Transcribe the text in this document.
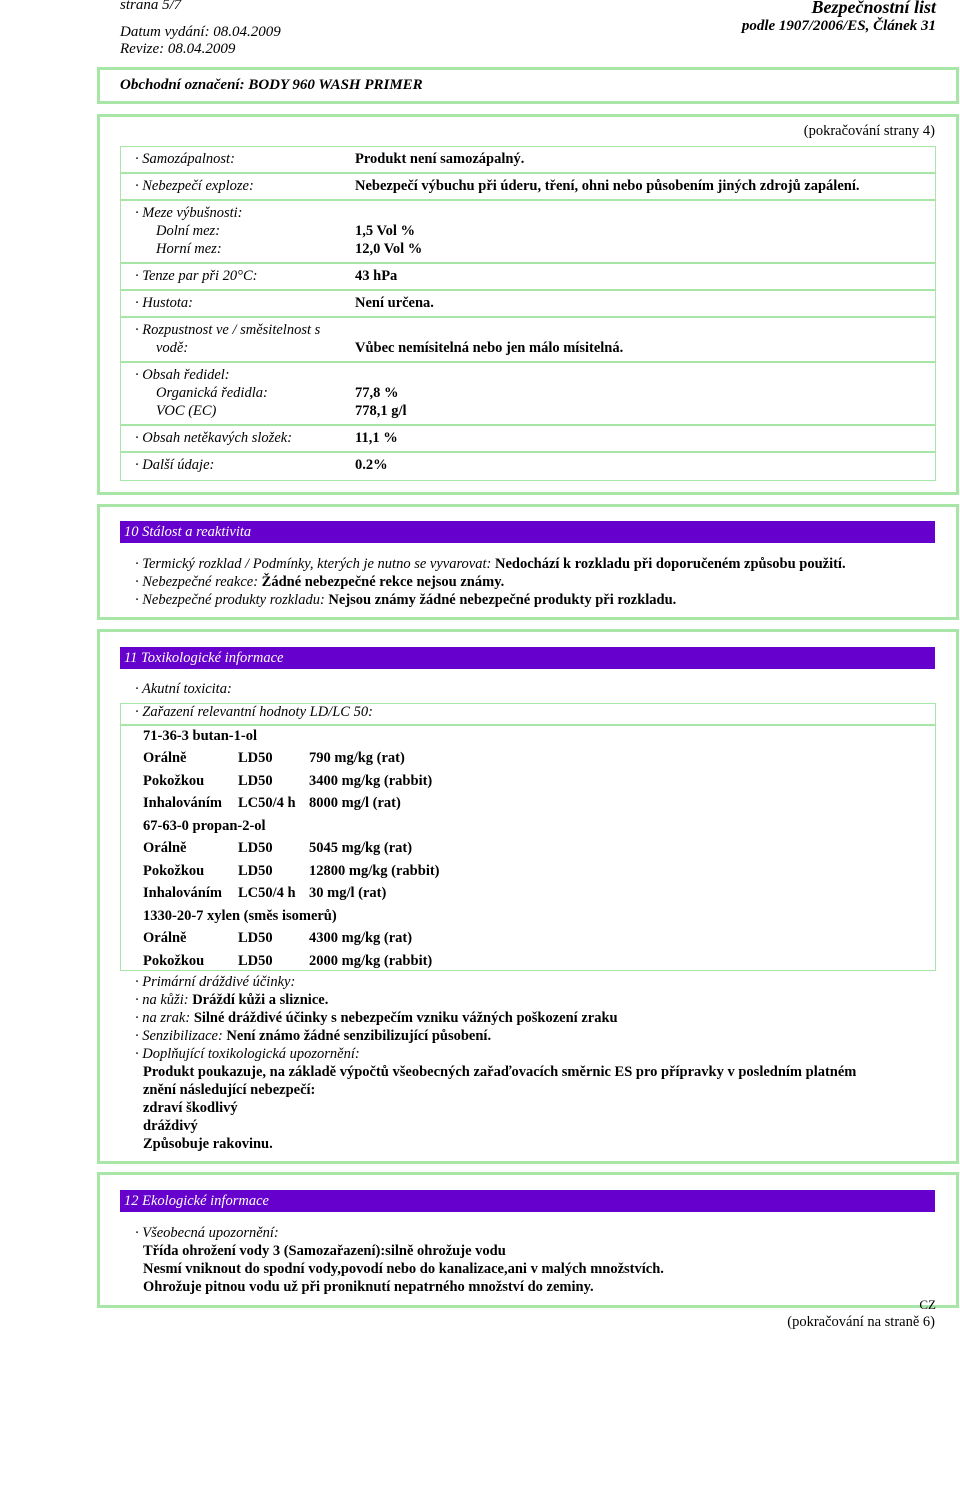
strana 5/7	Bezpečnostní list
Datum vydání: 08.04.2009	podle 1907/2006/ES, Článek 31
Revize: 08.04.2009
Obchodní označení: BODY 960 WASH PRIMER
(pokračování strany 4)
· Samozápalnost:	Produkt není samozápalný.
· Nebezpečí exploze:	Nebezpečí výbuchu při úderu, tření, ohni nebo působením jiných zdrojů zapálení.
· Meze výbušnosti:
Dolní mez:	1,5 Vol %
Horní mez:	12,0 Vol %
· Tenze par při 20°C:	43 hPa
· Hustota:	Není určena.
· Rozpustnost ve / směsitelnost s
vodě:	Vůbec nemísitelná nebo jen málo mísitelná.
· Obsah ředidel:
Organická ředidla:	77,8 %
VOC (EC)	778,1 g/l
· Obsah netěkavých složek:	11,1 %
· Další údaje:	0.2%
10 Stálost a reaktivita
· Termický rozklad / Podmínky, kterých je nutno se vyvarovat: Nedochází k rozkladu při doporučeném způsobu použití.
· Nebezpečné reakce: Žádné nebezpečné rekce nejsou známy.
· Nebezpečné produkty rozkladu: Nejsou známy žádné nebezpečné produkty při rozkladu.
11 Toxikologické informace
· Akutní toxicita:
· Zařazení relevantní hodnoty LD/LC 50:
71-36-3 butan-1-ol		
Orálně	LD50	790 mg/kg (rat)
Pokožkou	LD50	3400 mg/kg (rabbit)
Inhalováním	LC50/4 h	8000 mg/l (rat)
67-63-0 propan-2-ol		
Orálně	LD50	5045 mg/kg (rat)
Pokožkou	LD50	12800 mg/kg (rabbit)
Inhalováním	LC50/4 h	30 mg/l (rat)
1330-20-7 xylen (směs isomerů)		
Orálně	LD50	4300 mg/kg (rat)
Pokožkou	LD50	2000 mg/kg (rabbit)
· Primární dráždivé účinky:
· na kůži: Dráždí kůži a sliznice.
· na zrak: Silné dráždivé účinky s nebezpečím vzniku vážných poškození zraku
· Senzibilizace: Není známo žádné senzibilizující působení.
· Doplňující toxikologická upozornění:
Produkt poukazuje, na základě výpočtů všeobecných zařaďovacích směrnic ES pro přípravky v posledním platném
znění následující nebezpečí:
zdraví škodlivý
dráždivý
Způsobuje rakovinu.
12 Ekologické informace
· Všeobecná upozornění:
Třída ohrožení vody 3 (Samozařazení):silně ohrožuje vodu
Nesmí vniknout do spodní vody,povodí nebo do kanalizace,ani v malých množstvích.
Ohrožuje pitnou vodu už při proniknutí nepatrného množství do zeminy.
CZ
(pokračování na straně 6)
